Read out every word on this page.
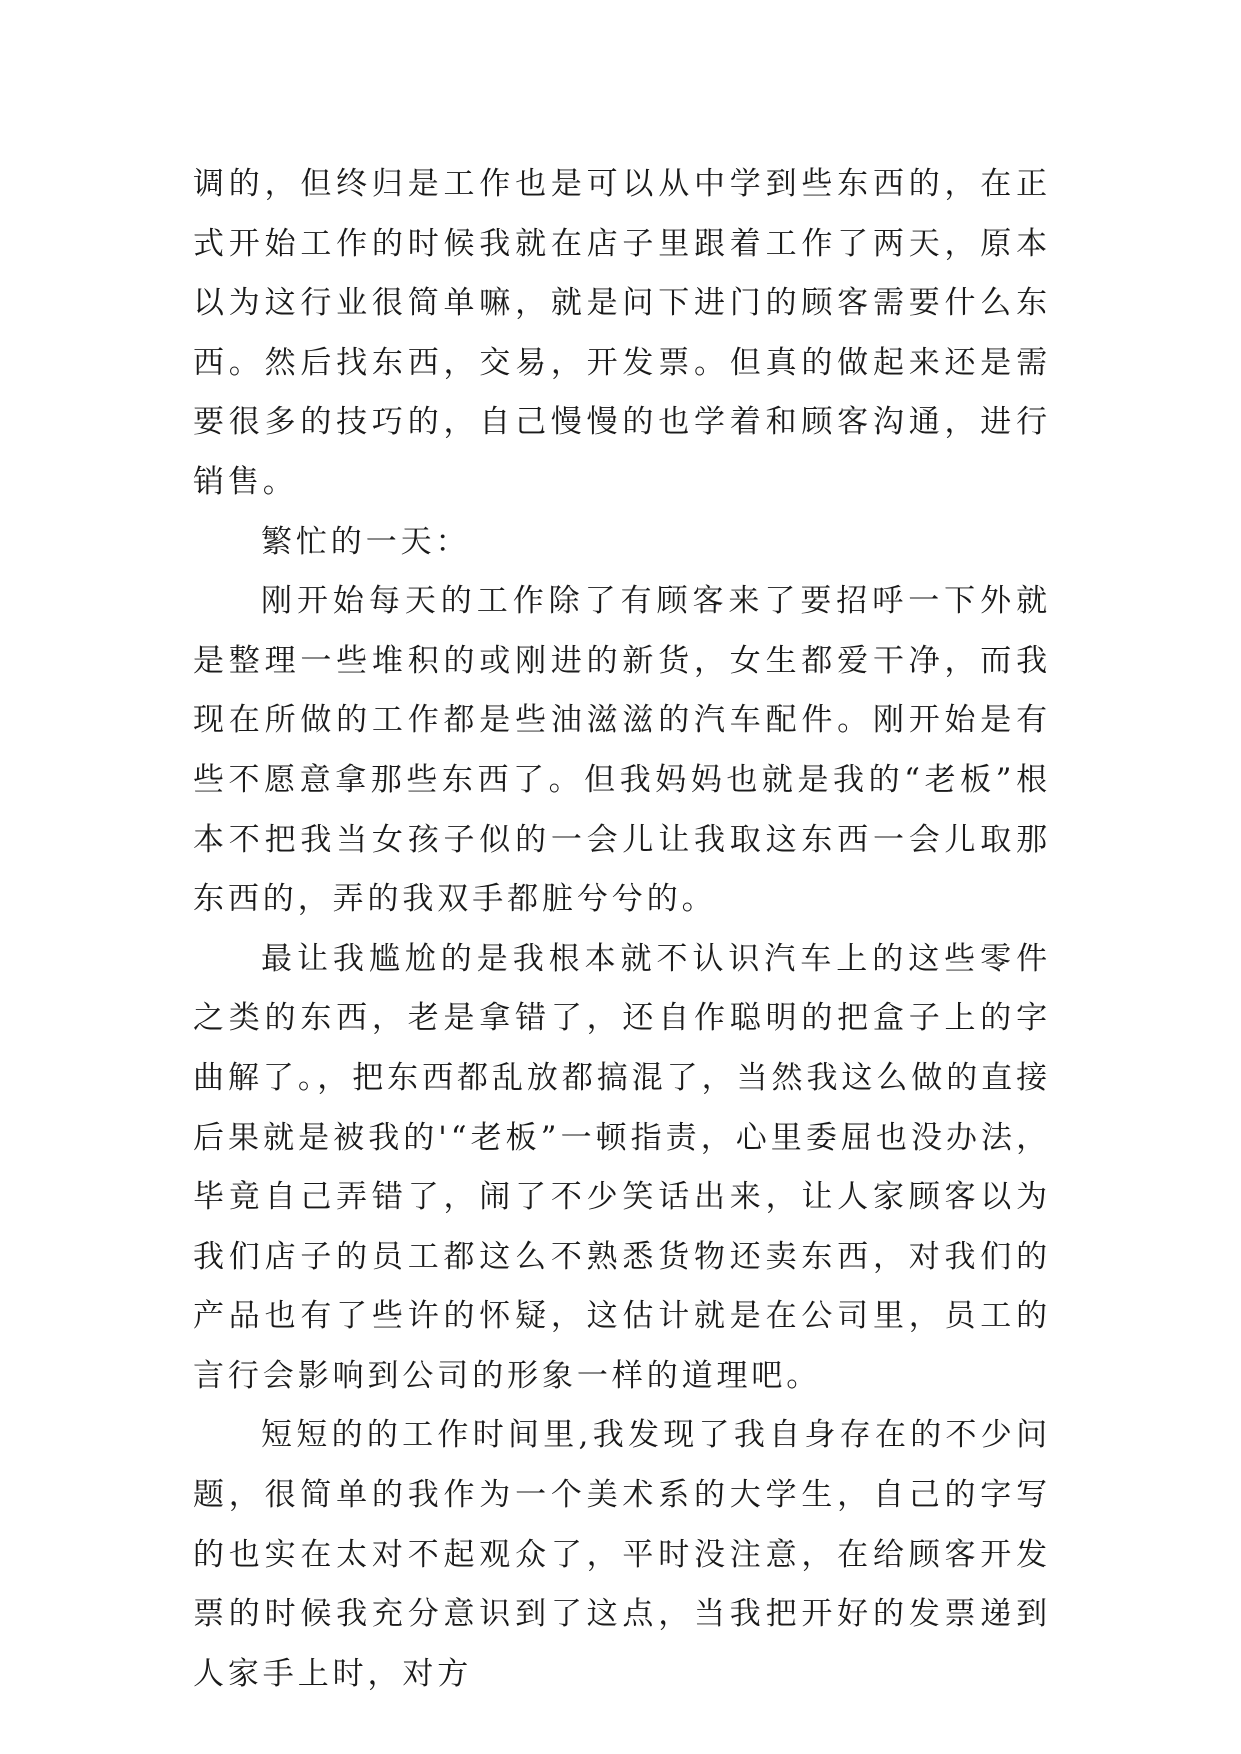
调的，但终归是工作也是可以从中学到些东西的，在正式开始工作的时候我就在店子里跟着工作了两天，原本以为这行业很简单嘛，就是问下进门的顾客需要什么东西。然后找东西，交易，开发票。但真的做起来还是需要很多的技巧的，自己慢慢的也学着和顾客沟通，进行销售。

繁忙的一天：

刚开始每天的工作除了有顾客来了要招呼一下外就是整理一些堆积的或刚进的新货，女生都爱干净，而我现在所做的工作都是些油滋滋的汽车配件。刚开始是有些不愿意拿那些东西了。但我妈妈也就是我的“老板”根本不把我当女孩子似的一会儿让我取这东西一会儿取那东西的，弄的我双手都脏兮兮的。

最让我尴尬的是我根本就不认识汽车上的这些零件之类的东西，老是拿错了，还自作聪明的把盒子上的字曲解了。，把东西都乱放都搞混了，当然我这么做的直接后果就是被我的'“老板”一顿指责，心里委屈也没办法，毕竟自己弄错了，闹了不少笑话出来，让人家顾客以为我们店子的员工都这么不熟悉货物还卖东西，对我们的产品也有了些许的怀疑，这估计就是在公司里，员工的言行会影响到公司的形象一样的道理吧。

短短的的工作时间里,我发现了我自身存在的不少问题，很简单的我作为一个美术系的大学生，自己的字写的也实在太对不起观众了，平时没注意，在给顾客开发票的时候我充分意识到了这点，当我把开好的发票递到人家手上时，对方
